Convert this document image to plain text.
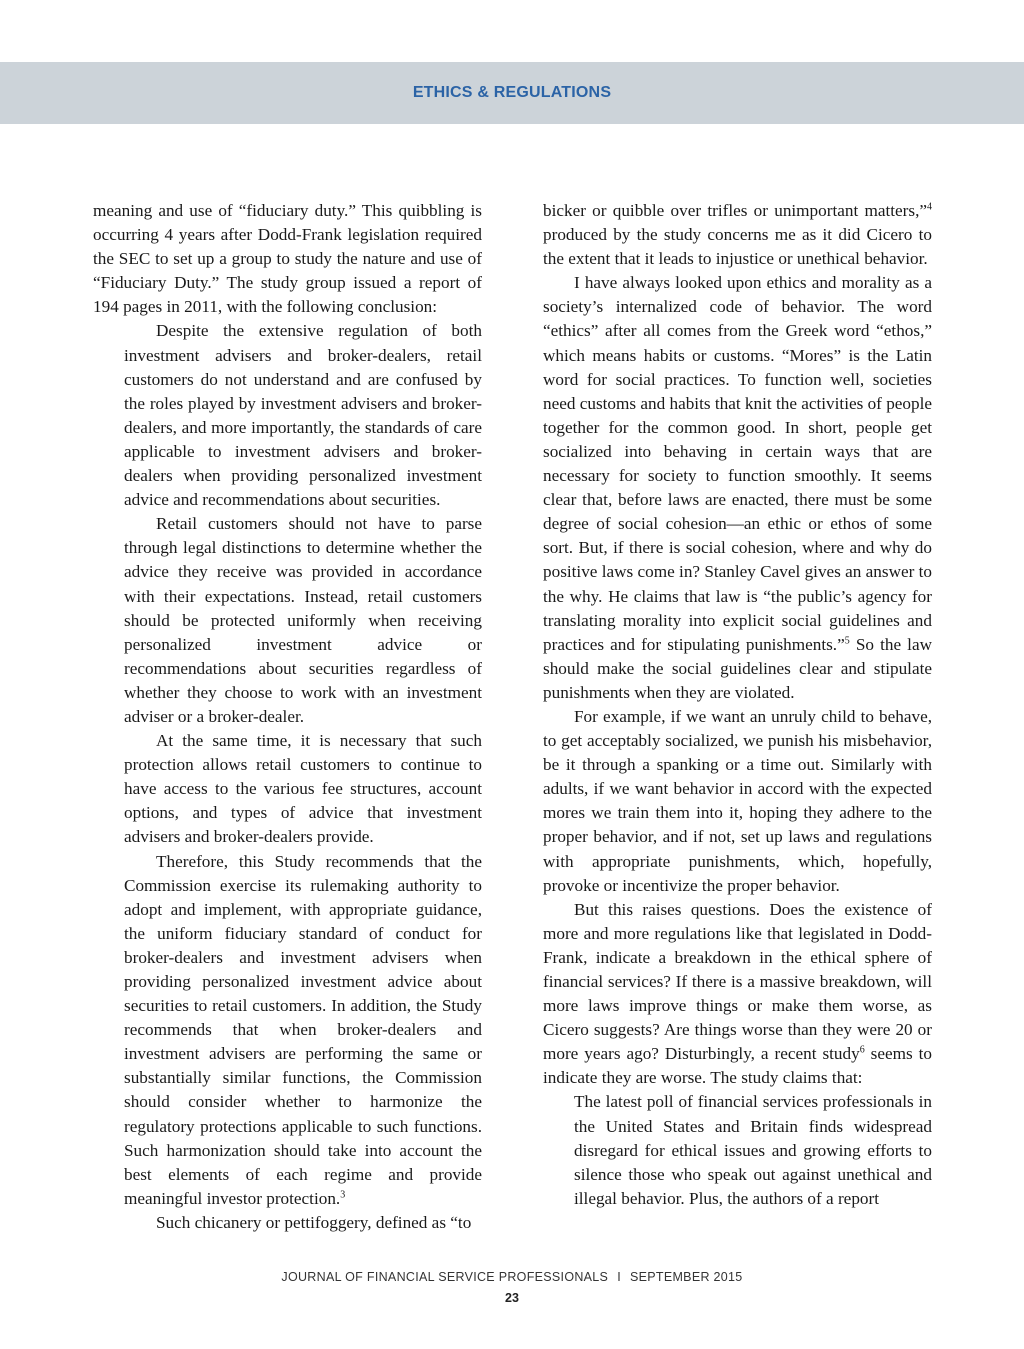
ETHICS & REGULATIONS

meaning and use of “fiduciary duty.” This quibbling is occurring 4 years after Dodd-Frank legislation required the SEC to set up a group to study the nature and use of “Fiduciary Duty.” The study group issued a report of 194 pages in 2011, with the following conclusion:

Despite the extensive regulation of both investment advisers and broker-dealers, retail customers do not understand and are confused by the roles played by investment advisers and broker-dealers, and more importantly, the standards of care applicable to investment advisers and broker-dealers when providing personalized investment advice and recommendations about securities.

Retail customers should not have to parse through legal distinctions to determine whether the advice they receive was provided in accordance with their expectations. Instead, retail customers should be protected uniformly when receiving personalized investment advice or recommendations about securities regardless of whether they choose to work with an investment adviser or a broker-dealer.

At the same time, it is necessary that such protection allows retail customers to continue to have access to the various fee structures, account options, and types of advice that investment advisers and broker-dealers provide.

Therefore, this Study recommends that the Commission exercise its rulemaking authority to adopt and implement, with appropriate guidance, the uniform fiduciary standard of conduct for broker-dealers and investment advisers when providing personalized investment advice about securities to retail customers. In addition, the Study recommends that when broker-dealers and investment advisers are performing the same or substantially similar functions, the Commission should consider whether to harmonize the regulatory protections applicable to such functions. Such harmonization should take into account the best elements of each regime and provide meaningful investor protection.$^3$

Such chicanery or pettifoggery, defined as “to

bicker or quibble over trifles or unimportant matters,”$^4$ produced by the study concerns me as it did Cicero to the extent that it leads to injustice or unethical behavior.

I have always looked upon ethics and morality as a society’s internalized code of behavior. The word “ethics” after all comes from the Greek word “ethos,” which means habits or customs. “Mores” is the Latin word for social practices. To function well, societies need customs and habits that knit the activities of people together for the common good. In short, people get socialized into behaving in certain ways that are necessary for society to function smoothly. It seems clear that, before laws are enacted, there must be some degree of social cohesion—an ethic or ethos of some sort. But, if there is social cohesion, where and why do positive laws come in? Stanley Cavel gives an answer to the why. He claims that law is “the public’s agency for translating morality into explicit social guidelines and practices and for stipulating punishments.”$^5$ So the law should make the social guidelines clear and stipulate punishments when they are violated.

For example, if we want an unruly child to behave, to get acceptably socialized, we punish his misbehavior, be it through a spanking or a time out. Similarly with adults, if we want behavior in accord with the expected mores we train them into it, hoping they adhere to the proper behavior, and if not, set up laws and regulations with appropriate punishments, which, hopefully, provoke or incentivize the proper behavior.

But this raises questions. Does the existence of more and more regulations like that legislated in Dodd-Frank, indicate a breakdown in the ethical sphere of financial services? If there is a massive breakdown, will more laws improve things or make them worse, as Cicero suggests? Are things worse than they were 20 or more years ago? Disturbingly, a recent study$^6$ seems to indicate they are worse. The study claims that:

The latest poll of financial services professionals in the United States and Britain finds widespread disregard for ethical issues and growing efforts to silence those who speak out against unethical and illegal behavior. Plus, the authors of a report

JOURNAL OF FINANCIAL SERVICE PROFESSIONALS I SEPTEMBER 2015
23
